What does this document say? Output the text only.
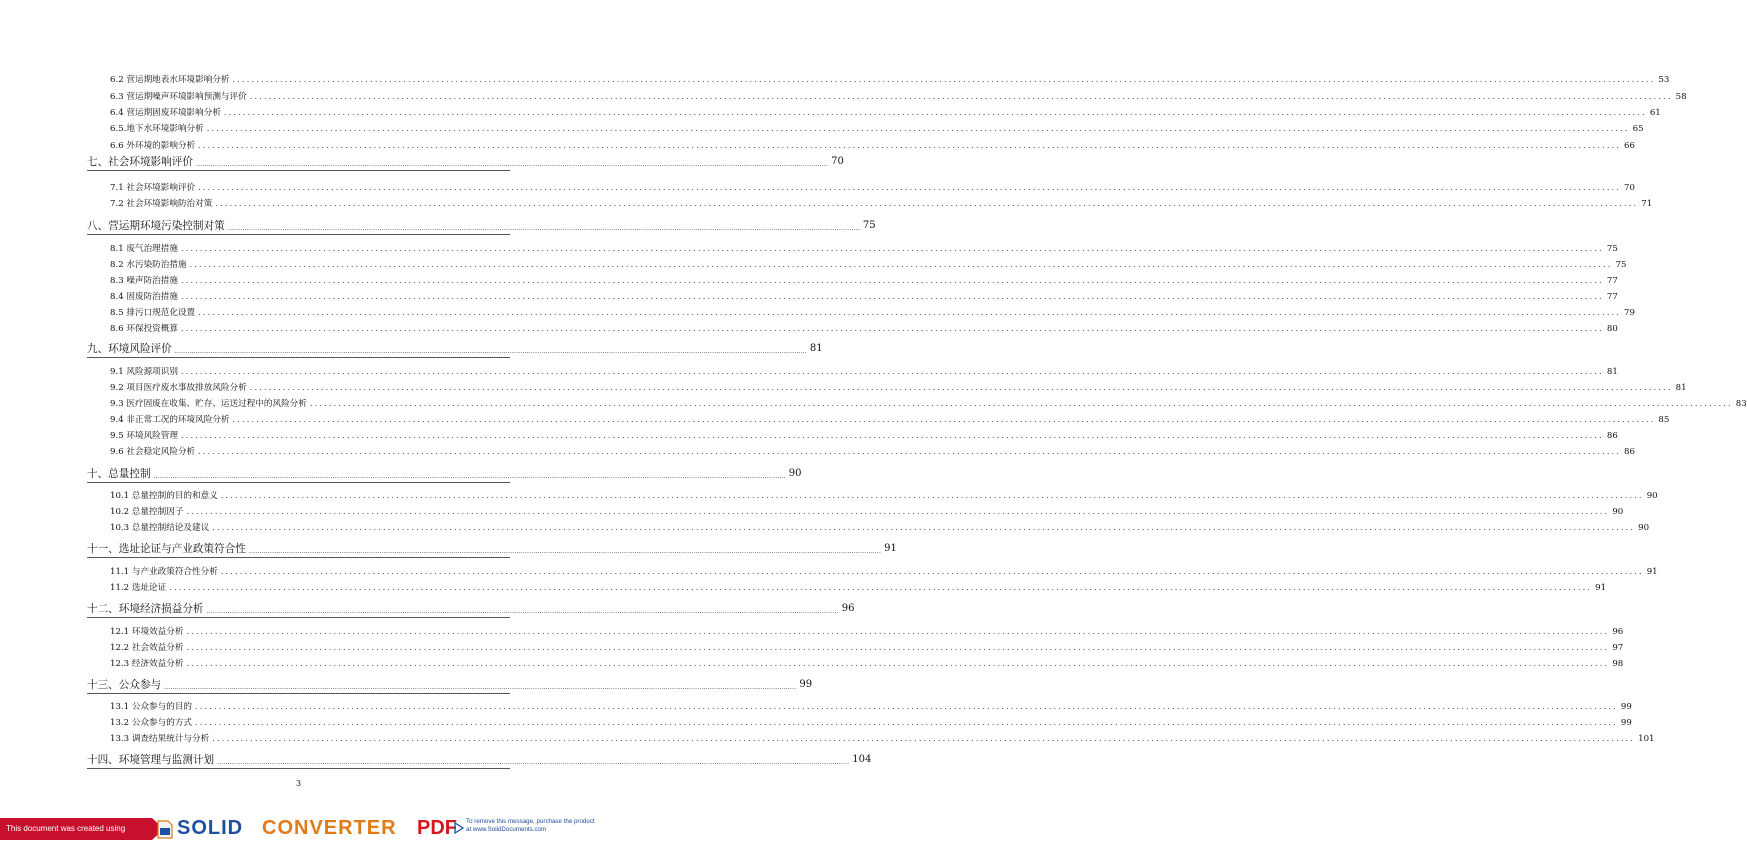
6.2 营运期地表水环境影响分析 ............................................................................................................................................................................................................................................................................................................ 53
6.3 营运期噪声环境影响预测与评价 ............................................................................................................................................................................................................................................................................................................ 58
6.4 营运期固废环境影响分析 ............................................................................................................................................................................................................................................................................................................ 61
6.5.地下水环境影响分析 ............................................................................................................................................................................................................................................................................................................ 65
6.6 外环境的影响分析 ............................................................................................................................................................................................................................................................................................................ 66
七、社会环境影响评价 ............................................................................................................................................................................................................................................................................................................ 70
7.1 社会环境影响评价 ............................................................................................................................................................................................................................................................................................................ 70
7.2 社会环境影响防治对策 ............................................................................................................................................................................................................................................................................................................ 71
八、营运期环境污染控制对策 ............................................................................................................................................................................................................................................................................................................ 75
8.1 废气治理措施 ............................................................................................................................................................................................................................................................................................................ 75
8.2 水污染防治措施 ............................................................................................................................................................................................................................................................................................................ 75
8.3 噪声防治措施 ............................................................................................................................................................................................................................................................................................................ 77
8.4 固废防治措施 ............................................................................................................................................................................................................................................................................................................ 77
8.5 排污口规范化设置 ............................................................................................................................................................................................................................................................................................................ 79
8.6 环保投资概算 ............................................................................................................................................................................................................................................................................................................ 80
九、环境风险评价 ............................................................................................................................................................................................................................................................................................................ 81
9.1 风险源项识别 ............................................................................................................................................................................................................................................................................................................ 81
9.2 项目医疗废水事故排放风险分析 ............................................................................................................................................................................................................................................................................................................ 81
9.3 医疗固废在收集、贮存、运送过程中的风险分析 ............................................................................................................................................................................................................................................................................................................ 83
9.4 非正常工况的环境风险分析 ............................................................................................................................................................................................................................................................................................................ 85
9.5 环境风险管理 ............................................................................................................................................................................................................................................................................................................ 86
9.6 社会稳定风险分析 ............................................................................................................................................................................................................................................................................................................ 86
十、总量控制 ............................................................................................................................................................................................................................................................................................................ 90
10.1 总量控制的目的和意义 ............................................................................................................................................................................................................................................................................................................ 90
10.2 总量控制因子 ............................................................................................................................................................................................................................................................................................................ 90
10.3 总量控制结论及建议 ............................................................................................................................................................................................................................................................................................................ 90
十一、选址论证与产业政策符合性 ............................................................................................................................................................................................................................................................................................................ 91
11.1 与产业政策符合性分析 ............................................................................................................................................................................................................................................................................................................ 91
11.2 选址论证 ............................................................................................................................................................................................................................................................................................................ 91
十二、环境经济损益分析 ............................................................................................................................................................................................................................................................................................................ 96
12.1 环境效益分析 ............................................................................................................................................................................................................................................................................................................ 96
12.2 社会效益分析 ............................................................................................................................................................................................................................................................................................................ 97
12.3 经济效益分析 ............................................................................................................................................................................................................................................................................................................ 98
十三、公众参与 ............................................................................................................................................................................................................................................................................................................ 99
13.1 公众参与的目的 ............................................................................................................................................................................................................................................................................................................ 99
13.2 公众参与的方式 ............................................................................................................................................................................................................................................................................................................ 99
13.3 调查结果统计与分析 ............................................................................................................................................................................................................................................................................................................ 101
十四、环境管理与监测计划 ............................................................................................................................................................................................................................................................................................................ 104
3
This document was created using	SOLID CONVERTER PDF To remove this message, purchase the product at www.SolidDocuments.com
